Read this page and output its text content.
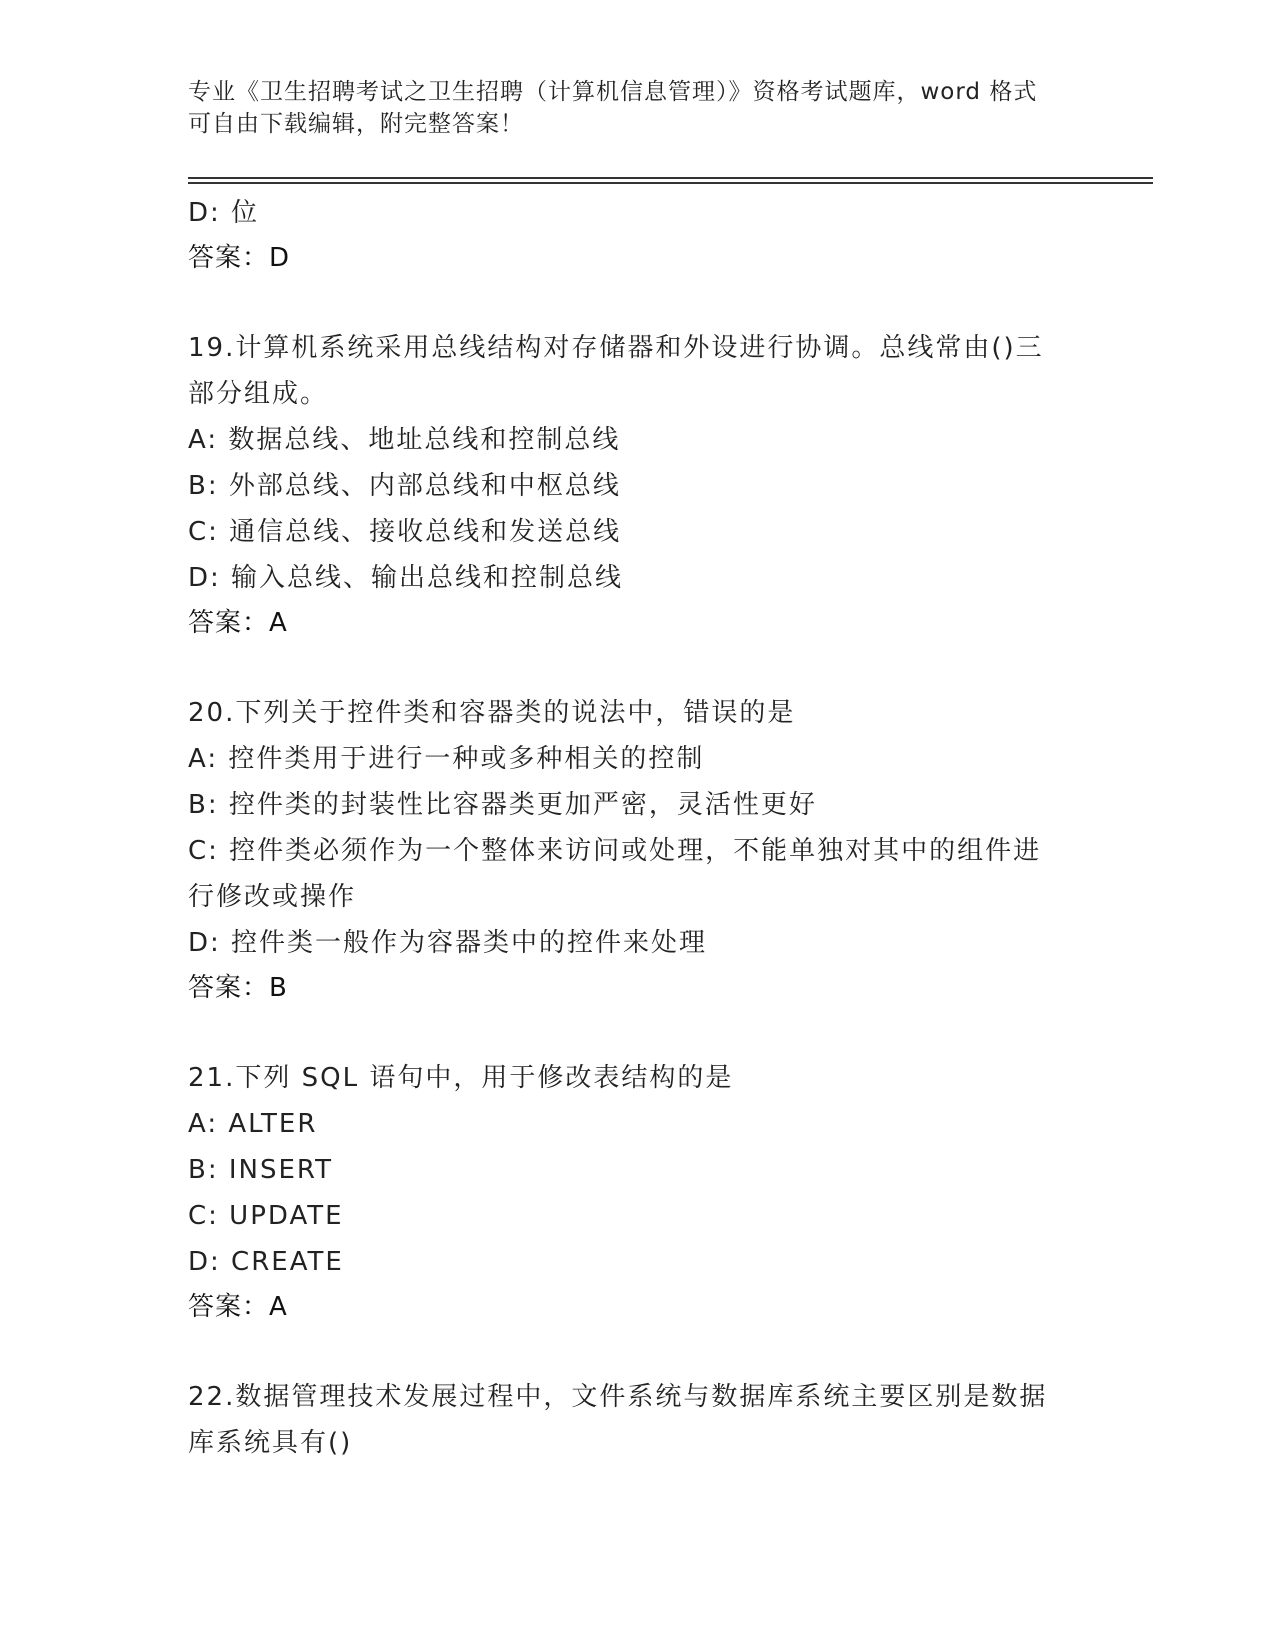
专业《卫生招聘考试之卫生招聘（计算机信息管理）》资格考试题库，word 格式
可自由下载编辑，附完整答案！
D: 位
答案：D
19.计算机系统采用总线结构对存储器和外设进行协调。总线常由()三
部分组成。
A: 数据总线、地址总线和控制总线
B: 外部总线、内部总线和中枢总线
C: 通信总线、接收总线和发送总线
D: 输入总线、输出总线和控制总线
答案：A
20.下列关于控件类和容器类的说法中，错误的是
A: 控件类用于进行一种或多种相关的控制
B: 控件类的封装性比容器类更加严密，灵活性更好
C: 控件类必须作为一个整体来访问或处理，不能单独对其中的组件进
行修改或操作
D: 控件类一般作为容器类中的控件来处理
答案：B
21.下列 SQL 语句中，用于修改表结构的是
A: ALTER
B: INSERT
C: UPDATE
D: CREATE
答案：A
22.数据管理技术发展过程中，文件系统与数据库系统主要区别是数据
库系统具有()
